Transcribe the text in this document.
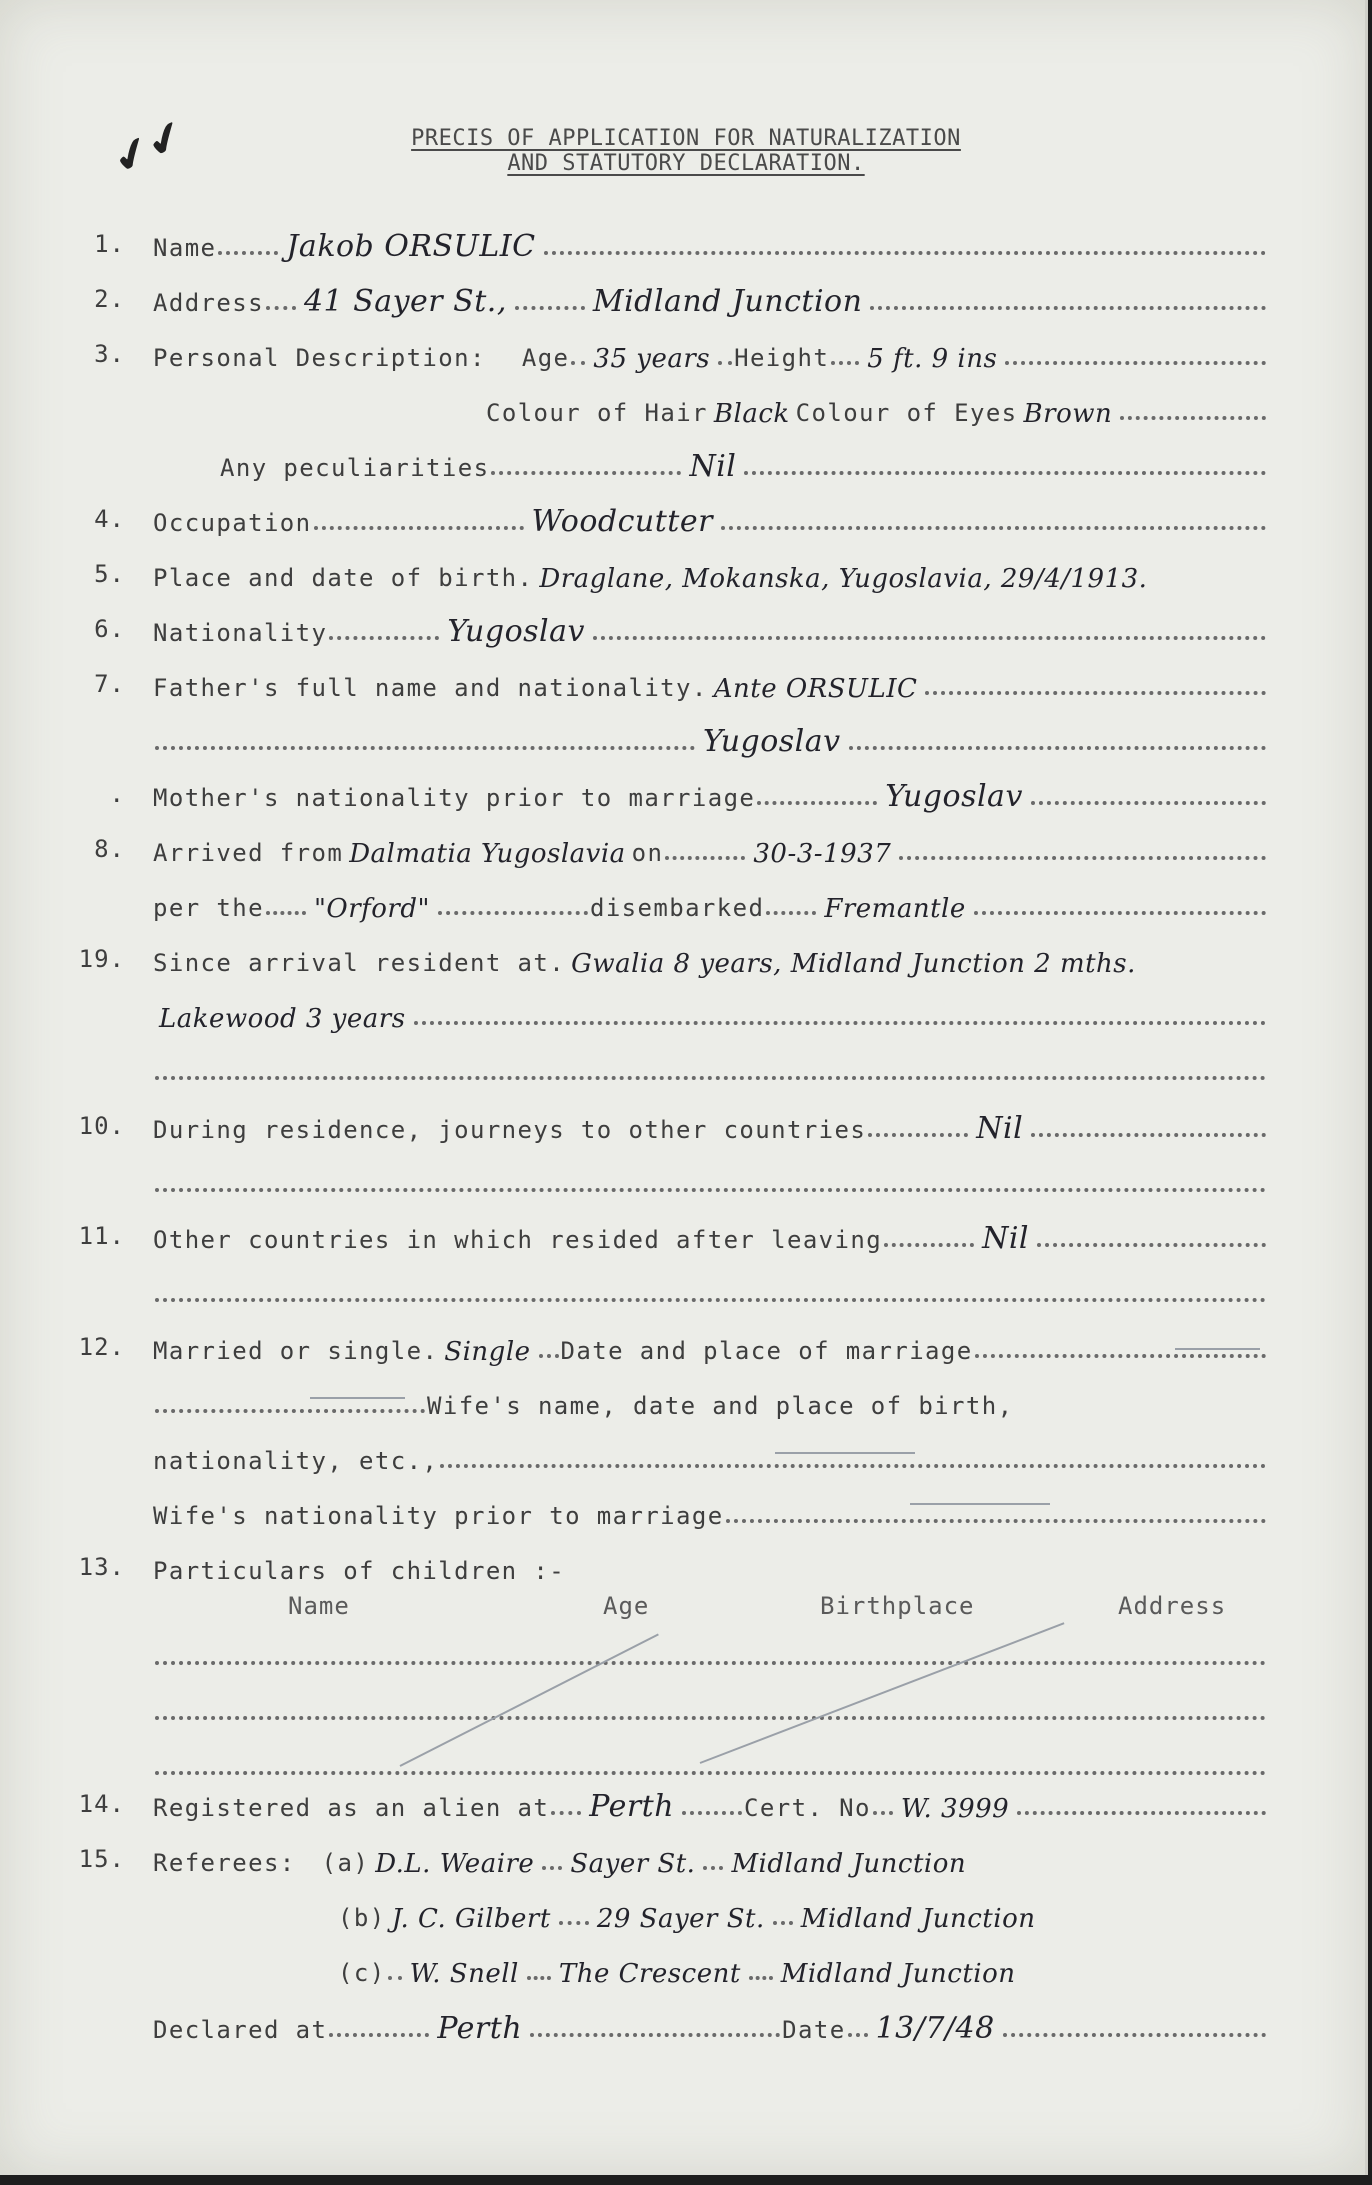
✔✔	PRECIS OF APPLICATION FOR NATURALIZATION
AND STATUTORY DECLARATION.
1. Name Jakob ORSULIC
2. Address 41 Sayer St.,	Midland Junction
3. Personal Description: Age 35 years Height 5 ft. 9 ins
Colour of Hair Black Colour of Eyes Brown
Any peculiarities	Nil
4. Occupation	Woodcutter
5. Place and date of birth . Draglane, Mokanska, Yugoslavia, 29/4/1913.
6. Nationality	Yugoslav
7. Father's full name and nationality . Ante ORSULIC
Yugoslav
. Mother's nationality prior to marriage	Yugoslav
8. Arrived from Dalmatia Yugoslavia on	30-3-1937
per the "Orford"	disembarked Fremantle
19. Since arrival resident at . Gwalia 8 years, Midland Junction 2 mths.
Lakewood 3 years
10. During residence, journeys to other countries	Nil
11. Other countries in which resided after leaving	Nil
12. Married or single . Single Date and place of marriage
Wife's name, date and place of birth,
nationality, etc.,
Wife's nationality prior to marriage
13. Particulars of children :-
Name	Age	Birthplace	Address
14. Registered as an alien at Perth	Cert. No W. 3999
15. Referees: (a) D.L. Weaire Sayer St. Midland Junction
(b) J. C. Gilbert 29 Sayer St. Midland Junction
(c) W. Snell The Crescent Midland Junction
Declared at	Perth	Date 13/7/48
